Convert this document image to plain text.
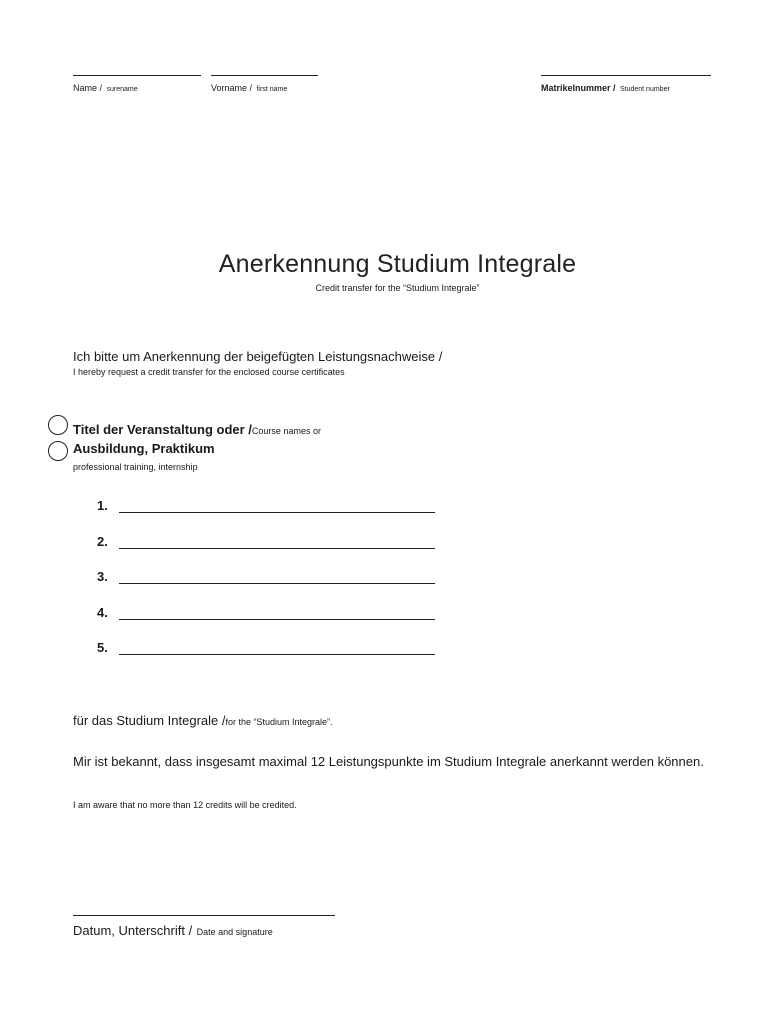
Name / surename	Vorname / first name	Matrikelnummer / Student number
Anerkennung Studium Integrale
Credit transfer for the “Studium Integrale”
Ich bitte um Anerkennung der beigefügten Leistungsnachweise /
I hereby request a credit transfer for the enclosed course certificates
Titel der Veranstaltung oder /Course names or
Ausbildung, Praktikum
professional training, internship
1.
2.
3.
4.
5.
für das Studium Integrale /for the “Studium Integrale”.
Mir ist bekannt, dass insgesamt maximal 12 Leistungspunkte im Studium Integrale anerkannt werden können.
I am aware that no more than 12 credits will be credited.
Datum, Unterschrift / Date and signature
